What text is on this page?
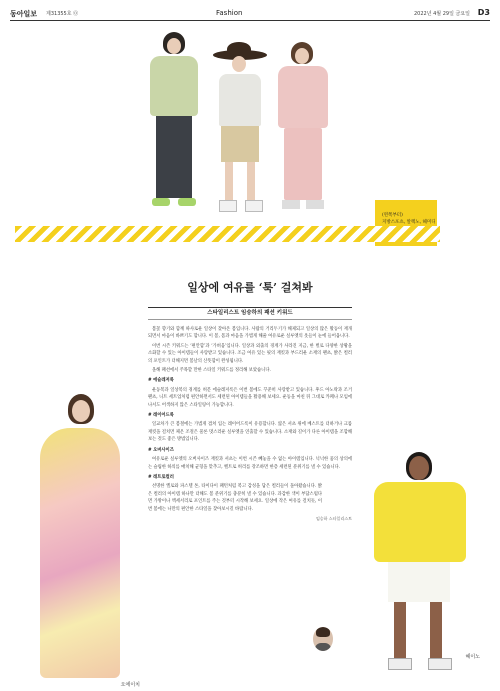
동아일보 제31355호 ⓪	Fashion	2022년 4월 29일 금요일 D3
(왼쪽부터)
지방스포츠, 알렉노, 헤미디
일상에 여유를 ‘툭’ 걸쳐봐
스타일리스트 임승하의 패션 키워드
오에이치
헤이노

봄꽃 향기와 함께 따사로운 일상이 찾아온 봄입니다. 사람의 거리두기가 해제되고 일상의 많은 활동이 재개되면서 마음이 바쁘기도 합니다. 이 봄, 몸과 마음을 가볍게 해줄 여유로운 실루엣의 옷들이 눈에 들어옵니다.

이번 시즌 키워드는 ‘편안함’과 ‘가벼움’입니다. 일상과 외출의 경계가 사라진 지금, 한 벌로 다양한 상황을 소화할 수 있는 아이템들이 사랑받고 있습니다. 조금 여유 있는 핏의 재킷과 부드러운 소재의 팬츠, 밝은 컬러의 포인트가 더해지면 봄날의 산뜻함이 완성됩니다.

올해 패션에서 주목할 만한 스타일 키워드를 정리해 보았습니다.

# 에슬레저룩

운동복과 일상복의 경계를 허문 에슬레저룩은 이번 봄에도 꾸준히 사랑받고 있습니다. 후드 아노락과 조거 팬츠, 니트 세트업처럼 편안하면서도 세련된 아이템들을 활용해 보세요. 운동을 마친 뒤 그대로 카페나 모임에 나서도 어색하지 않은 스타일링이 가능합니다.

# 레이어드룩

일교차가 큰 봄철에는 가볍게 겹쳐 입는 레이어드룩이 유용합니다. 얇은 셔츠 위에 베스트를 더하거나 크롭 재킷을 걸치면 체온 조절은 물론 멋스러운 실루엣을 연출할 수 있습니다. 소재와 길이가 다른 아이템을 조합해 보는 것도 좋은 방법입니다.

# 오버사이즈

여유로운 실루엣의 오버사이즈 재킷과 셔츠는 이번 시즌 빼놓을 수 없는 아이템입니다. 넉넉한 품의 상의에는 슬림한 하의를 매치해 균형을 맞추고, 벨트로 허리를 강조하면 한층 세련된 분위기를 낼 수 있습니다.

# 레트로컬러

선명한 옐로와 파스텔 톤, 타이다이 패턴처럼 복고 감성을 담은 컬러들이 돌아왔습니다. 밝은 컬러의 아이템 하나만 더해도 봄 분위기를 충분히 낼 수 있습니다. 과감한 색이 부담스럽다면 가방이나 액세서리로 포인트를 주는 것부터 시작해 보세요. 일상에 작은 여유를 걸치듯, 이번 봄에는 나만의 편안한 스타일을 찾아보시길 바랍니다.

임승하 스타일리스트
